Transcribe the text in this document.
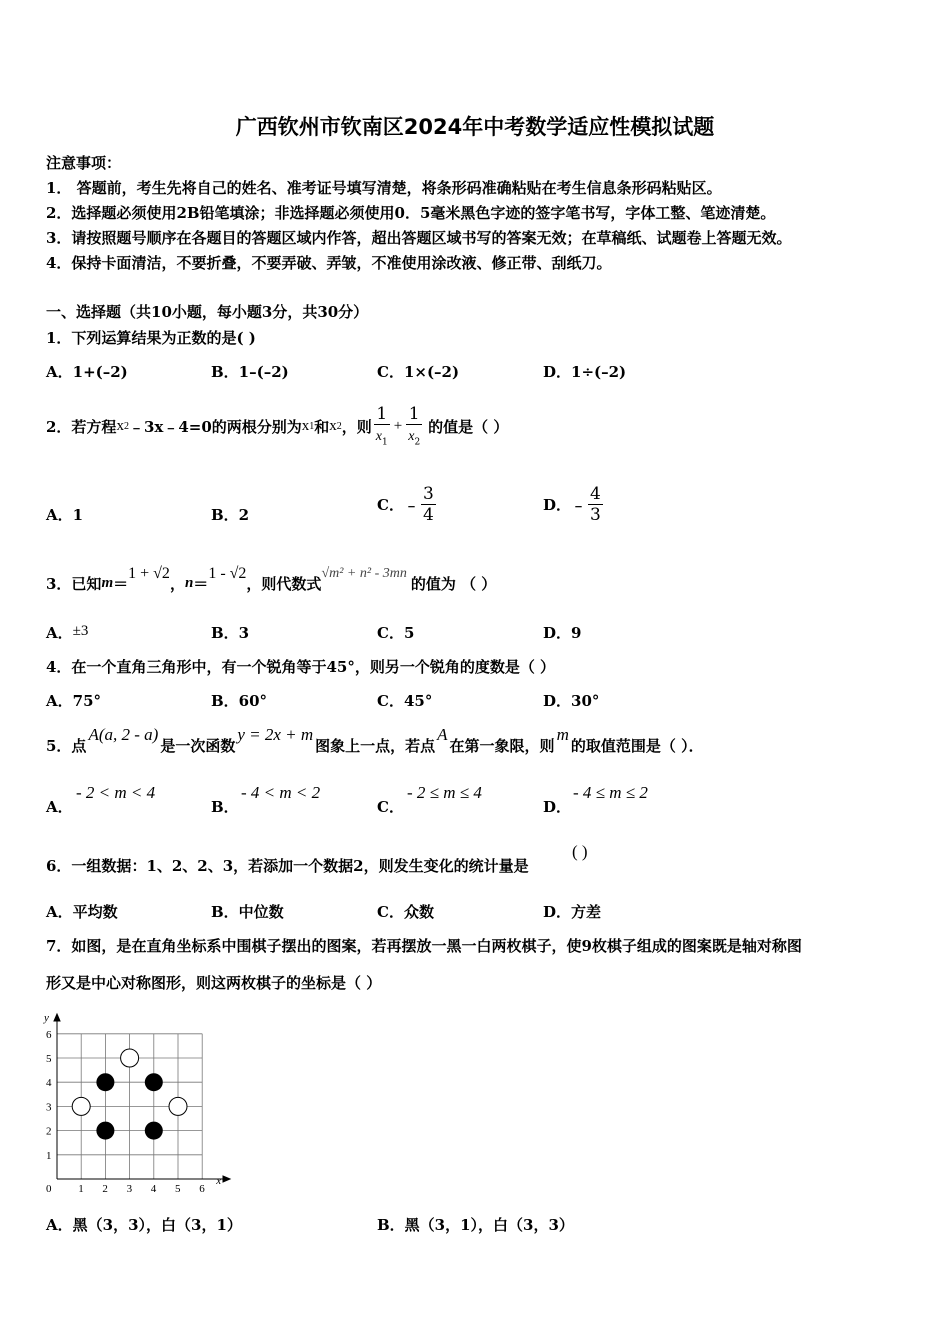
广西钦州市钦南区2024年中考数学适应性模拟试题
注意事项：
1． 答题前，考生先将自己的姓名、准考证号填写清楚，将条形码准确粘贴在考生信息条形码粘贴区。
2．选择题必须使用2B铅笔填涂；非选择题必须使用0．5毫米黑色字迹的签字笔书写，字体工整、笔迹清楚。
3．请按照题号顺序在各题目的答题区域内作答，超出答题区域书写的答案无效；在草稿纸、试题卷上答题无效。
4．保持卡面清洁，不要折叠，不要弄破、弄皱，不准使用涂改液、修正带、刮纸刀。
一、选择题（共10小题，每小题3分，共30分）
1．下列运算结果为正数的是( )
A．1+(–2)	B．1–(–2)	C．1×(–2)	D．1÷(–2)
2．若方程 x 2 ﹣3x﹣4=0的两根分别为 x 1 和 x 2 ，则 $\frac{1}{x_1} + \frac{1}{x_2}$ 的值是（ ）
A．1	B．2
C．﹣ $\frac{3}{4}$	D．﹣ $\frac{4}{3}$
3．已知 m ＝
1 + √2
， n ＝
1 - √2
，则代数式
√m² + n² - 3mn
的值为 （ ）
A．±3	B．3	C．5	D．9
4．在一个直角三角形中，有一个锐角等于45°，则另一个锐角的度数是（ ）
A．75°	B．60°	C．45°	D．30°
5．点
A(a, 2 - a)
是一次函数
y = 2x + m
图象上一点，若点
A
在第一象限，则
m
的取值范围是（ ）．
A．
- 2 < m < 4
B．
- 4 < m < 2
C．
- 2 ≤ m ≤ 4
D．
- 4 ≤ m ≤ 2
6．一组数据：1、2、2、3，若添加一个数据2，则发生变化的统计量是
( )
A．平均数	B．中位数	C．众数	D．方差
7．如图，是在直角坐标系中围棋子摆出的图案，若再摆放一黑一白两枚棋子，使9枚棋子组成的图案既是轴对称图
形又是中心对称图形，则这两枚棋子的坐标是（ ）
x
y
0 1 2 3 4 5 6
1
2
3
4
5
6
A．黑（3，3），白（3，1）	B．黑（3，1），白（3，3）
